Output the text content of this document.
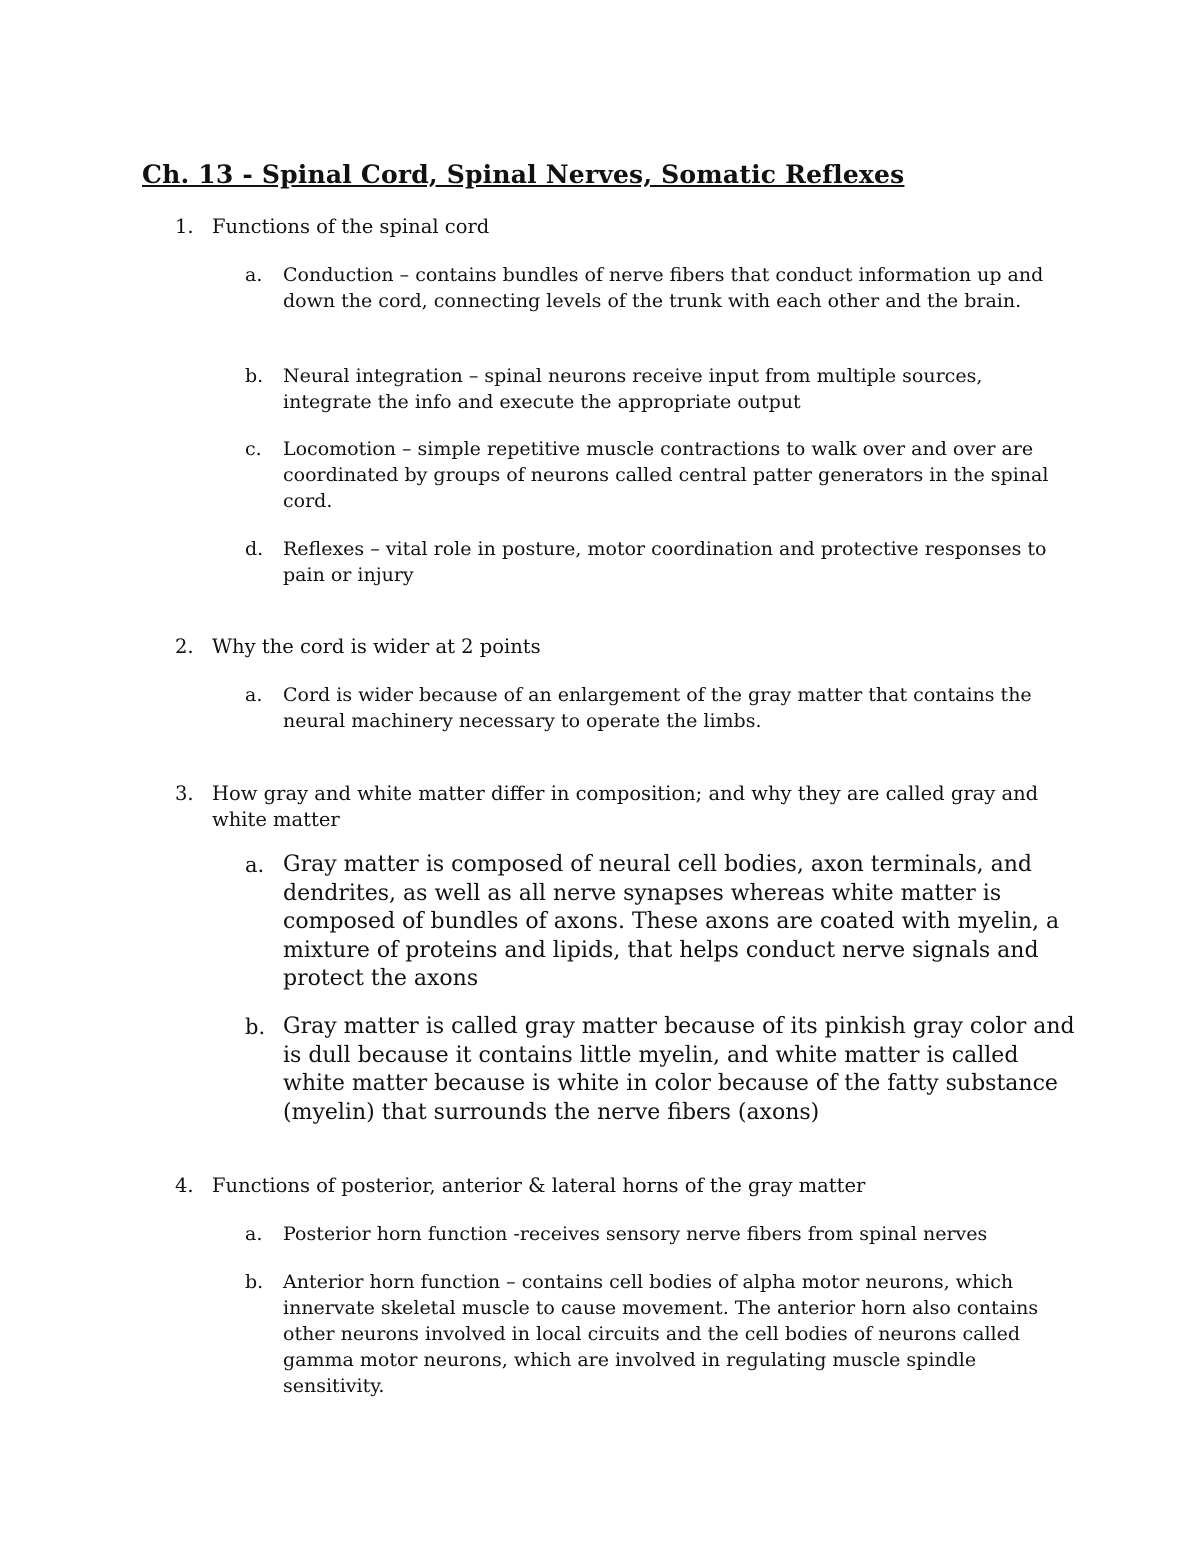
Ch. 13 - Spinal Cord, Spinal Nerves, Somatic Reflexes
1. Functions of the spinal cord
a.	Conduction – contains bundles of nerve fibers that conduct information up and down the cord, connecting levels of the trunk with each other and the brain.
b.	Neural integration – spinal neurons receive input from multiple sources, integrate the info and execute the appropriate output
c.	Locomotion – simple repetitive muscle contractions to walk over and over are coordinated by groups of neurons called central patter generators in the spinal cord.
d.	Reflexes – vital role in posture, motor coordination and protective responses to pain or injury
2. Why the cord is wider at 2 points
a.	Cord is wider because of an enlargement of the gray matter that contains the neural machinery necessary to operate the limbs.
3. How gray and white matter differ in composition; and why they are called gray and white matter
a. Gray matter is composed of neural cell bodies, axon terminals, and dendrites, as well as all nerve synapses whereas white matter is composed of bundles of axons. These axons are coated with myelin, a mixture of proteins and lipids, that helps conduct nerve signals and protect the axons
b. Gray matter is called gray matter because of its pinkish gray color and is dull because it contains little myelin, and white matter is called white matter because is white in color because of the fatty substance (myelin) that surrounds the nerve fibers (axons)
4. Functions of posterior, anterior & lateral horns of the gray matter
a.	Posterior horn function -receives sensory nerve fibers from spinal nerves
b.	Anterior horn function – contains cell bodies of alpha motor neurons, which innervate skeletal muscle to cause movement. The anterior horn also contains other neurons involved in local circuits and the cell bodies of neurons called gamma motor neurons, which are involved in regulating muscle spindle sensitivity.
